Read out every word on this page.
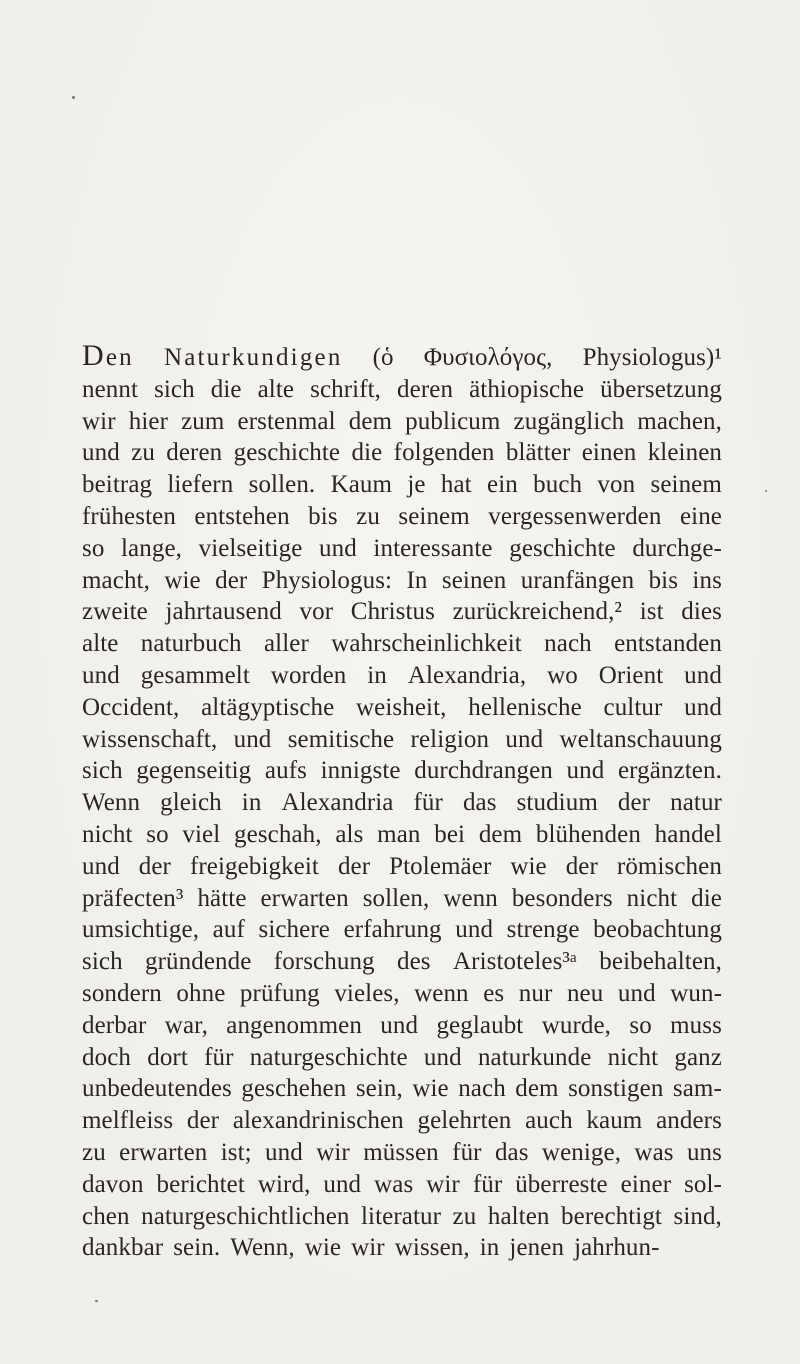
Den Naturkundigen (ὁ Φυσιολόγος, Physiologus)¹
nennt sich die alte schrift, deren äthiopische übersetzung
wir hier zum erstenmal dem publicum zugänglich machen,
und zu deren geschichte die folgenden blätter einen kleinen
beitrag liefern sollen. Kaum je hat ein buch von seinem
frühesten entstehen bis zu seinem vergessenwerden eine
so lange, vielseitige und interessante geschichte durchge-
macht, wie der Physiologus: In seinen uranfängen bis ins
zweite jahrtausend vor Christus zurückreichend,² ist dies
alte naturbuch aller wahrscheinlichkeit nach entstanden
und gesammelt worden in Alexandria, wo Orient und
Occident, altägyptische weisheit, hellenische cultur und
wissenschaft, und semitische religion und weltanschauung
sich gegenseitig aufs innigste durchdrangen und ergänzten.
Wenn gleich in Alexandria für das studium der natur
nicht so viel geschah, als man bei dem blühenden handel
und der freigebigkeit der Ptolemäer wie der römischen
präfecten³ hätte erwarten sollen, wenn besonders nicht die
umsichtige, auf sichere erfahrung und strenge beobachtung
sich gründende forschung des Aristoteles³ᵃ beibehalten,
sondern ohne prüfung vieles, wenn es nur neu und wun-
derbar war, angenommen und geglaubt wurde, so muss
doch dort für naturgeschichte und naturkunde nicht ganz
unbedeutendes geschehen sein, wie nach dem sonstigen sam-
melfleiss der alexandrinischen gelehrten auch kaum anders
zu erwarten ist; und wir müssen für das wenige, was uns
davon berichtet wird, und was wir für überreste einer sol-
chen naturgeschichtlichen literatur zu halten berechtigt sind,
dankbar sein. Wenn, wie wir wissen, in jenen jahrhun-
